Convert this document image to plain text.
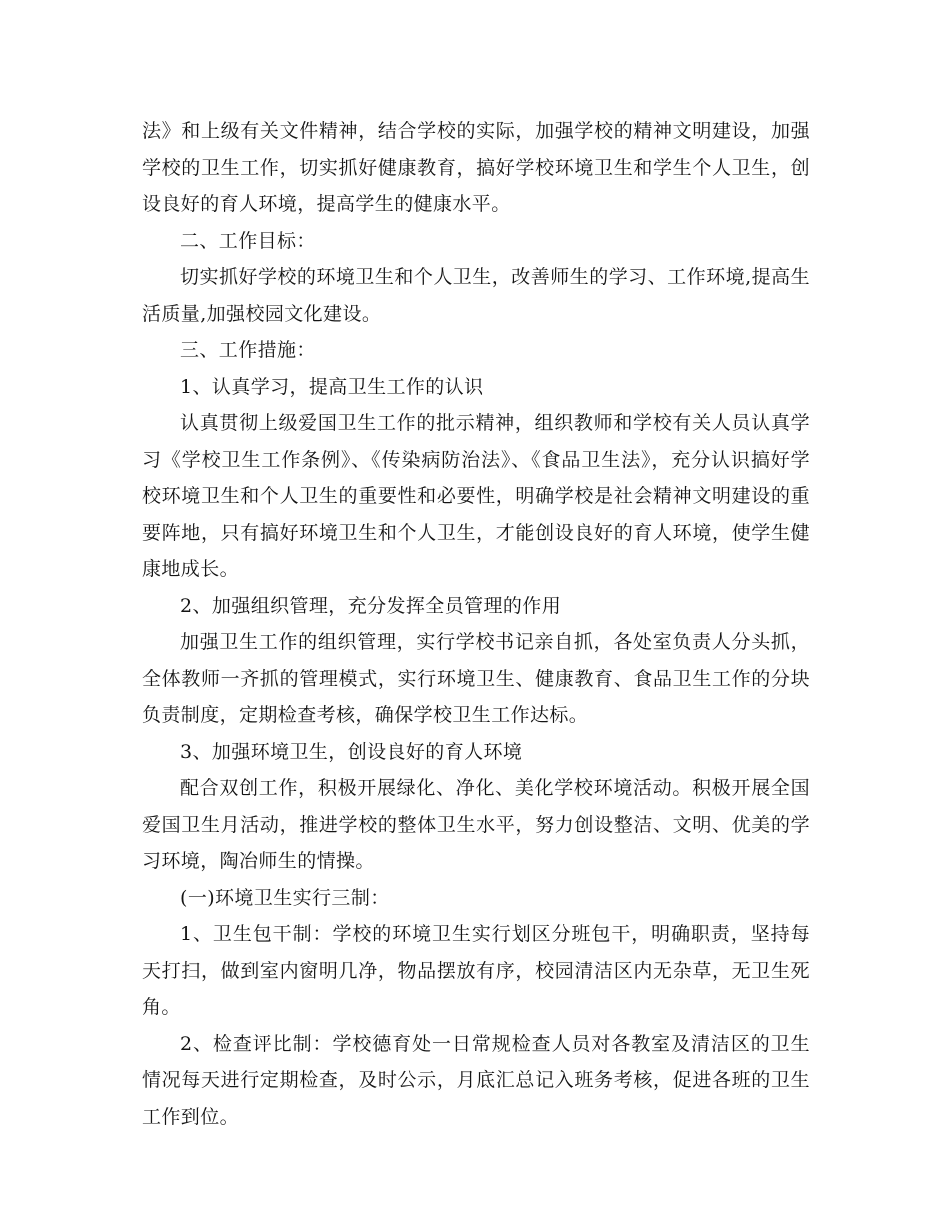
法》和上级有关文件精神，结合学校的实际，加强学校的精神文明建设，加强学校的卫生工作，切实抓好健康教育，搞好学校环境卫生和学生个人卫生，创设良好的育人环境，提高学生的健康水平。

二、工作目标：

切实抓好学校的环境卫生和个人卫生，改善师生的学习、工作环境,提高生活质量,加强校园文化建设。

三、工作措施：

1、认真学习，提高卫生工作的认识

认真贯彻上级爱国卫生工作的批示精神，组织教师和学校有关人员认真学习《学校卫生工作条例》、《传染病防治法》、《食品卫生法》，充分认识搞好学校环境卫生和个人卫生的重要性和必要性，明确学校是社会精神文明建设的重要阵地，只有搞好环境卫生和个人卫生，才能创设良好的育人环境，使学生健康地成长。

2、加强组织管理，充分发挥全员管理的作用

加强卫生工作的组织管理，实行学校书记亲自抓，各处室负责人分头抓，全体教师一齐抓的管理模式，实行环境卫生、健康教育、食品卫生工作的分块负责制度，定期检查考核，确保学校卫生工作达标。

3、加强环境卫生，创设良好的育人环境

配合双创工作，积极开展绿化、净化、美化学校环境活动。积极开展全国爱国卫生月活动，推进学校的整体卫生水平，努力创设整洁、文明、优美的学习环境，陶冶师生的情操。

(一)环境卫生实行三制：

1、卫生包干制：学校的环境卫生实行划区分班包干，明确职责，坚持每天打扫，做到室内窗明几净，物品摆放有序，校园清洁区内无杂草，无卫生死角。

2、检查评比制：学校德育处一日常规检查人员对各教室及清洁区的卫生情况每天进行定期检查，及时公示，月底汇总记入班务考核，促进各班的卫生工作到位。
